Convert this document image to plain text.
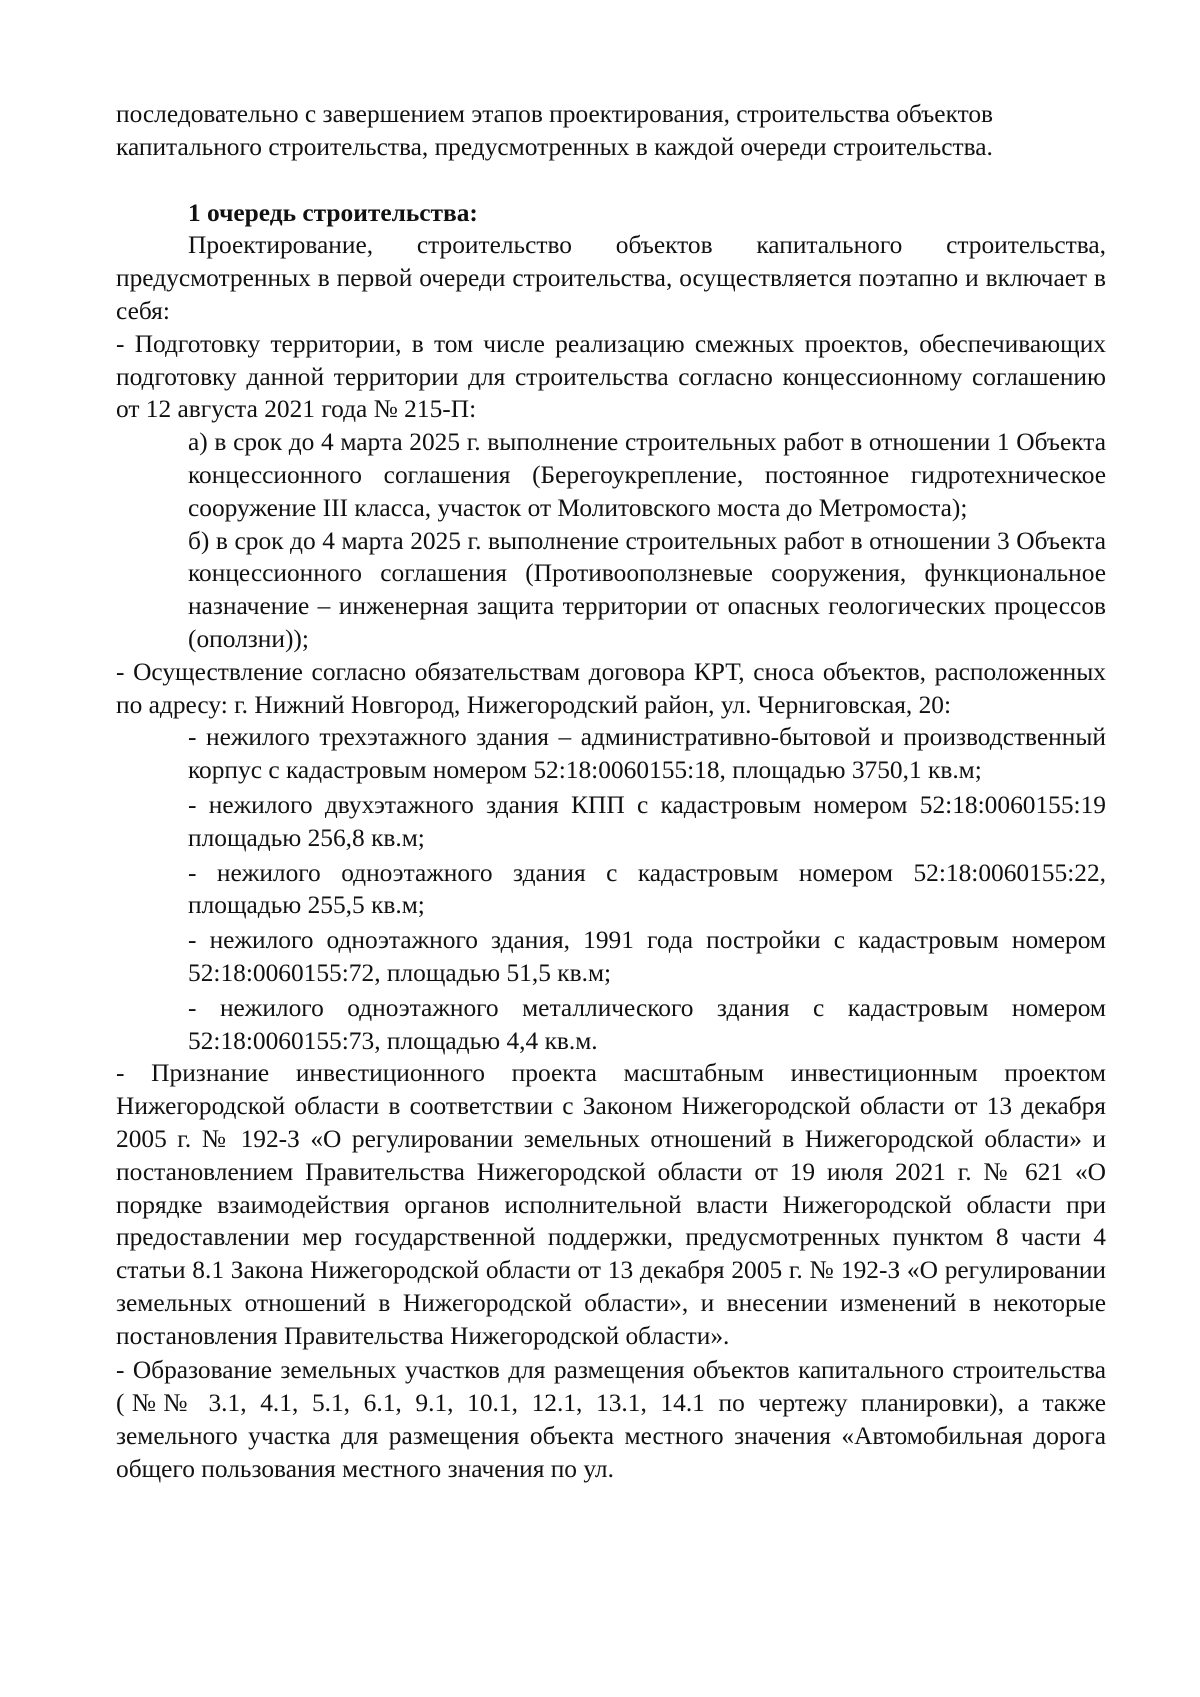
последовательно с завершением этапов проектирования, строительства объектов капитального строительства, предусмотренных в каждой очереди строительства.

1 очередь строительства:

Проектирование, строительство объектов капитального строительства, предусмотренных в первой очереди строительства, осуществляется поэтапно и включает в себя:

- Подготовку территории, в том числе реализацию смежных проектов, обеспечивающих подготовку данной территории для строительства согласно концессионному соглашению от 12 августа 2021 года № 215-П:

а) в срок до 4 марта 2025 г. выполнение строительных работ в отношении 1 Объекта концессионного соглашения (Берегоукрепление, постоянное гидротехническое сооружение III класса, участок от Молитовского моста до Метромоста);

б) в срок до 4 марта 2025 г. выполнение строительных работ в отношении 3 Объекта концессионного соглашения (Противооползневые сооружения, функциональное назначение – инженерная защита территории от опасных геологических процессов (оползни));

- Осуществление согласно обязательствам договора КРТ, сноса объектов, расположенных по адресу: г. Нижний Новгород, Нижегородский район, ул. Черниговская, 20:

- нежилого трехэтажного здания – административно-бытовой и производственный корпус с кадастровым номером 52:18:0060155:18, площадью 3750,1 кв.м;

- нежилого двухэтажного здания КПП с кадастровым номером 52:18:0060155:19 площадью 256,8 кв.м;

- нежилого одноэтажного здания с кадастровым номером 52:18:0060155:22, площадью 255,5 кв.м;

- нежилого одноэтажного здания, 1991 года постройки с кадастровым номером 52:18:0060155:72, площадью 51,5 кв.м;

- нежилого одноэтажного металлического здания с кадастровым номером 52:18:0060155:73, площадью 4,4 кв.м.

- Признание инвестиционного проекта масштабным инвестиционным проектом Нижегородской области в соответствии с Законом Нижегородской области от 13 декабря 2005 г. № 192-З «О регулировании земельных отношений в Нижегородской области» и постановлением Правительства Нижегородской области от 19 июля 2021 г. № 621 «О порядке взаимодействия органов исполнительной власти Нижегородской области при предоставлении мер государственной поддержки, предусмотренных пунктом 8 части 4 статьи 8.1 Закона Нижегородской области от 13 декабря 2005 г. № 192-З «О регулировании земельных отношений в Нижегородской области», и внесении изменений в некоторые постановления Правительства Нижегородской области».

- Образование земельных участков для размещения объектов капитального строительства (№№ 3.1, 4.1, 5.1, 6.1, 9.1, 10.1, 12.1, 13.1, 14.1 по чертежу планировки), а также земельного участка для размещения объекта местного значения «Автомобильная дорога общего пользования местного значения по ул.
